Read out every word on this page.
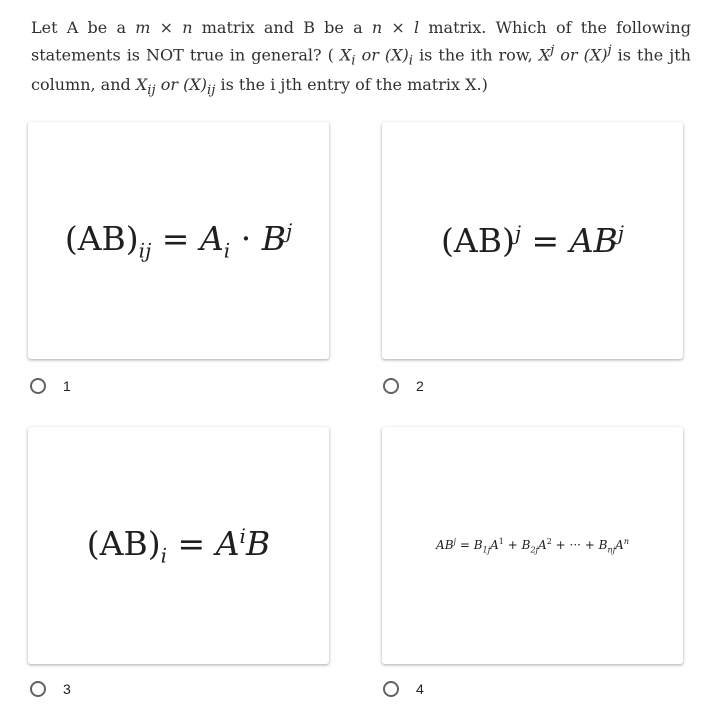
Let A be a m × n matrix and B be a n × l matrix. Which of the following statements is NOT true in general? ( $X_i$ or $(X)_i$ is the ith row, $X^j$ or $(X)^j$ is the jth column, and $X_{ij}$ or $(X)_{ij}$ is the i jth entry of the matrix X.)
$(AB)_{ij} = A_i \cdot B^j$
1
$(AB)^j = AB^j$
2
$(AB)_i = A^iB$
3
$AB^j = B_{1j}A^1 + B_{2j}A^2$ + ··· + $B_{nj}A^n$
4
